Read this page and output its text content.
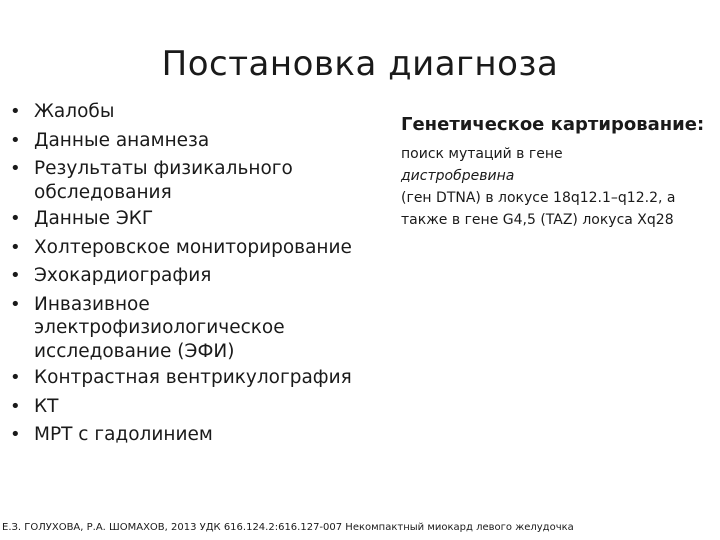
Постановка диагноза
• Жалобы
• Данные анамнеза
• Результаты физикального обследования
• Данные ЭКГ
• Холтеровское мониторирование
• Эхокардиография
• Инвазивное электрофизиологическое исследование (ЭФИ)
• Контрастная вентрикулография
• КТ
• МРТ с гадолинием
Генетическое картирование:
поиск мутаций в гене
дистробревина
(ген DTNA) в локусе 18q12.1–q12.2, а
также в гене G4,5 (TAZ) локуса Xq28
Е.З. ГОЛУХОВА, Р.А. ШОМАХОВ, 2013 УДК 616.124.2:616.127-007 Некомпактный миокард левого желудочка
